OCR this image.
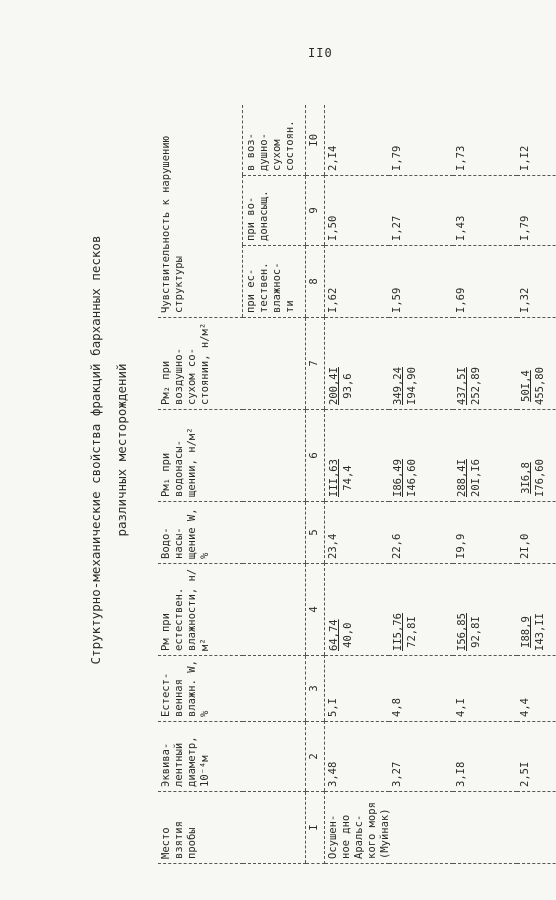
II0
Структурно-механические свойства фракций барханных песков различных месторождений
Место взятия пробы	Эквива- лентный диаметр, 10⁻⁴м	Естест- венная влажн. W, %	Pм при естествен. влажности, н/м²	Водо- насы- щение W, %	Pм₁ при водонасы- щении, н/м²	Pм₂ при воздушно- сухом со- стоянии, н/м²	Чувствительность к нарушению структуры		
							при ес- тествен. влажнос- ти	при во- донасыщ.	в воз- душно- сухом состоян.
I	2	3	4	5	6	7	8	9	I0
Осушен- ное дно Аральс- кого моря (Муйнак)	3,48	5,I	64,74 40,0	23,4	III,63 74,4	200,4I 93,6	I,62	I,50	2,I4
	3,27	4,8	II5,76 72,8I	22,6	I86,49 I46,60	349,24 I94,90	I,59	I,27	I,79
	3,I8	4,I	I56,85 92,8I	I9,9	288,4I 20I,I6	437,5I 252,89	I,69	I,43	I,73
	2,5I	4,4	I88,9 I43,II	2I,0	3I6,8 I76,60	50I,4 455,80	I,32	I,79	I,I2
